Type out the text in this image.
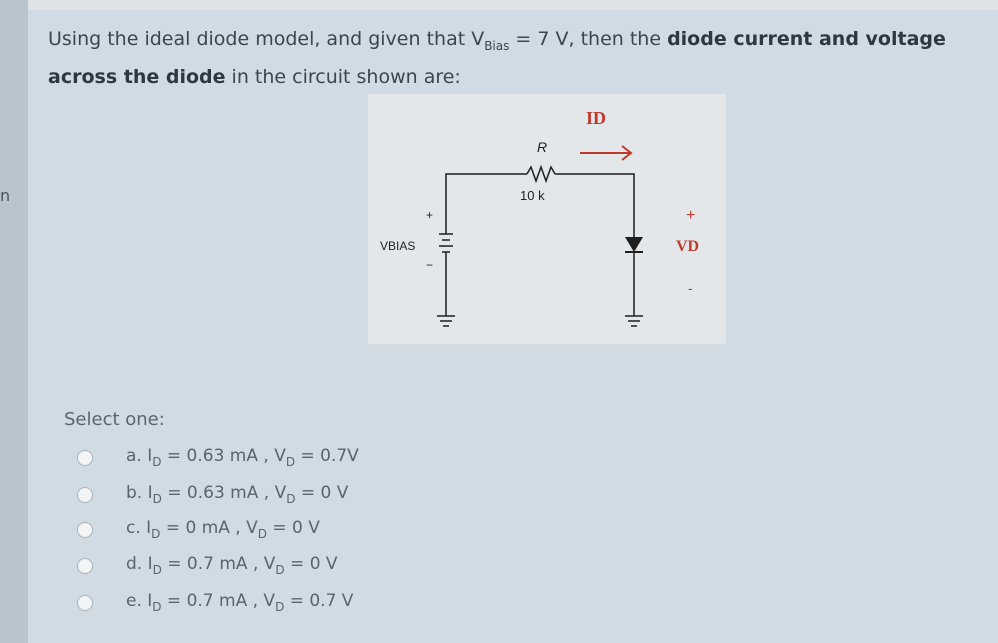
n
Using the ideal diode model, and given that $V_{Bias} = 7$ V, then the diode current and voltage
across the diode in the circuit shown are:
ID
R
10 k
VBIAS
+
−
+
VD
-
Select one:
a. $I_D = 0.63$ mA , $V_D = 0.7V$
b. $I_D = 0.63$ mA , $V_D = 0$ V
c. $I_D = 0$ mA , $V_D = 0$ V
d. $I_D = 0.7$ mA , $V_D = 0$ V
e. $I_D = 0.7$ mA , $V_D = 0.7$ V
